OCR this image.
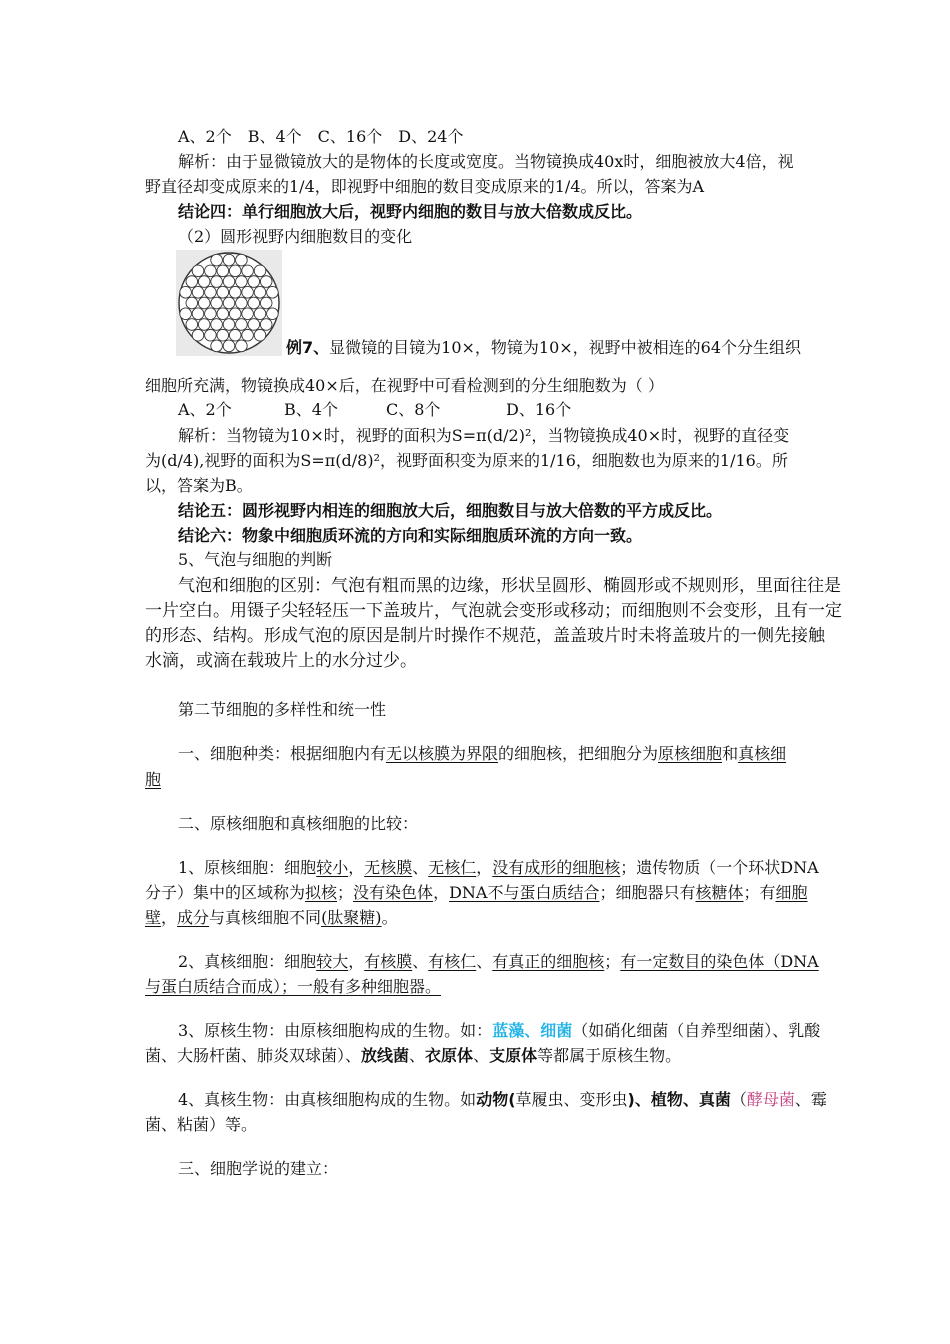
A、2个　B、4个　C、16个　D、24个
解析：由于显微镜放大的是物体的长度或宽度。当物镜换成40x时，细胞被放大4倍，视
野直径却变成原来的1/4，即视野中细胞的数目变成原来的1/4。所以，答案为A
结论四：单行细胞放大后，视野内细胞的数目与放大倍数成反比。
（2）圆形视野内细胞数目的变化
例7、显微镜的目镜为10×，物镜为10×，视野中被相连的64个分生组织
细胞所充满，物镜换成40×后，在视野中可看检测到的分生细胞数为（ ）
A、2个	B、4个	C、8个	D、16个
解析：当物镜为10×时，视野的面积为S=π(d/2)²，当物镜换成40×时，视野的直径变
为(d/4),视野的面积为S=π(d/8)²，视野面积变为原来的1/16，细胞数也为原来的1/16。所
以，答案为B。
结论五：圆形视野内相连的细胞放大后，细胞数目与放大倍数的平方成反比。
结论六：物象中细胞质环流的方向和实际细胞质环流的方向一致。
5、气泡与细胞的判断
气泡和细胞的区别：气泡有粗而黑的边缘，形状呈圆形、椭圆形或不规则形，里面往往是
一片空白。用镊子尖轻轻压一下盖玻片，气泡就会变形或移动；而细胞则不会变形，且有一定
的形态、结构。形成气泡的原因是制片时操作不规范，盖盖玻片时未将盖玻片的一侧先接触
水滴，或滴在载玻片上的水分过少。
第二节细胞的多样性和统一性
一、细胞种类：根据细胞内有无以核膜为界限的细胞核，把细胞分为原核细胞和真核细
胞
二、原核细胞和真核细胞的比较：
1、原核细胞：细胞较小，无核膜、无核仁，没有成形的细胞核；遗传物质（一个环状DNA
分子）集中的区域称为拟核；没有染色体，DNA不与蛋白质结合；细胞器只有核糖体；有细胞
壁，成分与真核细胞不同(肽聚糖)。
2、真核细胞：细胞较大，有核膜、有核仁、有真正的细胞核；有一定数目的染色体（DNA
与蛋白质结合而成）；一般有多种细胞器。
3、原核生物：由原核细胞构成的生物。如：蓝藻、细菌（如硝化细菌（自养型细菌）、乳酸
菌、大肠杆菌、肺炎双球菌）、放线菌、衣原体、支原体等都属于原核生物。
4、真核生物：由真核细胞构成的生物。如动物(草履虫、变形虫)、植物、真菌（酵母菌、霉
菌、粘菌）等。
三、细胞学说的建立：
